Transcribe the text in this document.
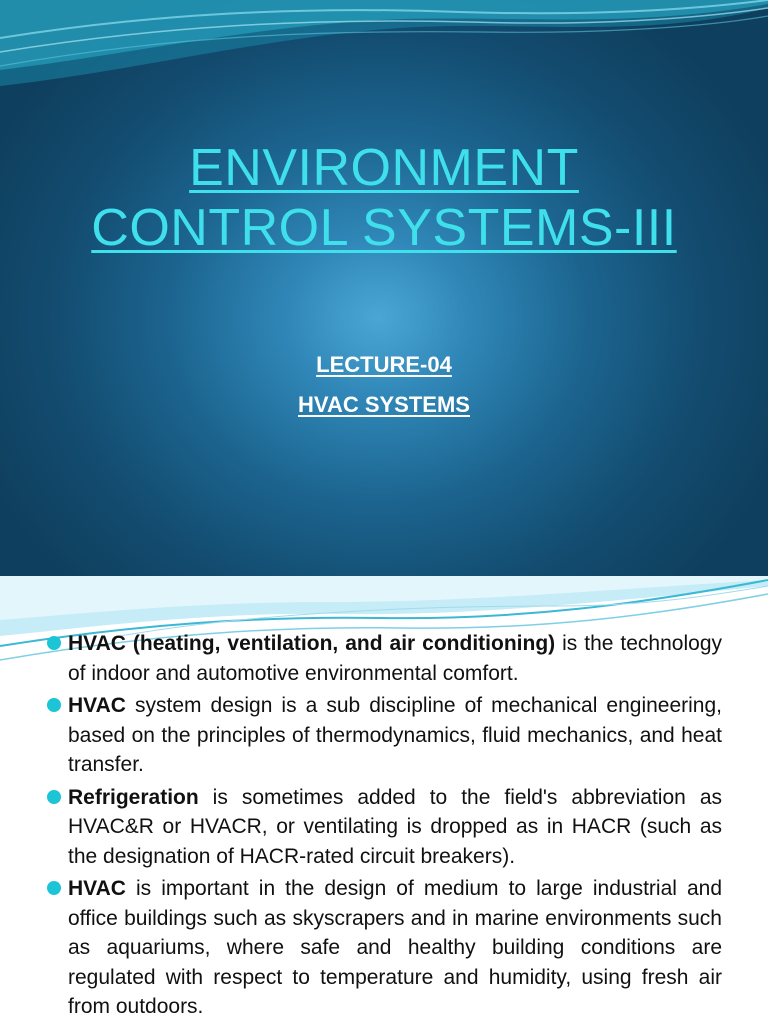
ENVIRONMENT
CONTROL SYSTEMS-III
LECTURE-04
HVAC SYSTEMS
HVAC (heating, ventilation, and air conditioning) is the technology of indoor and automotive environmental comfort.
HVAC system design is a sub discipline of mechanical engineering, based on the principles of thermodynamics, fluid mechanics, and heat transfer.
Refrigeration is sometimes added to the field's abbreviation as HVAC&R or HVACR, or ventilating is dropped as in HACR (such as the designation of HACR-rated circuit breakers).
HVAC is important in the design of medium to large industrial and office buildings such as skyscrapers and in marine environments such as aquariums, where safe and healthy building conditions are regulated with respect to temperature and humidity, using fresh air from outdoors.
